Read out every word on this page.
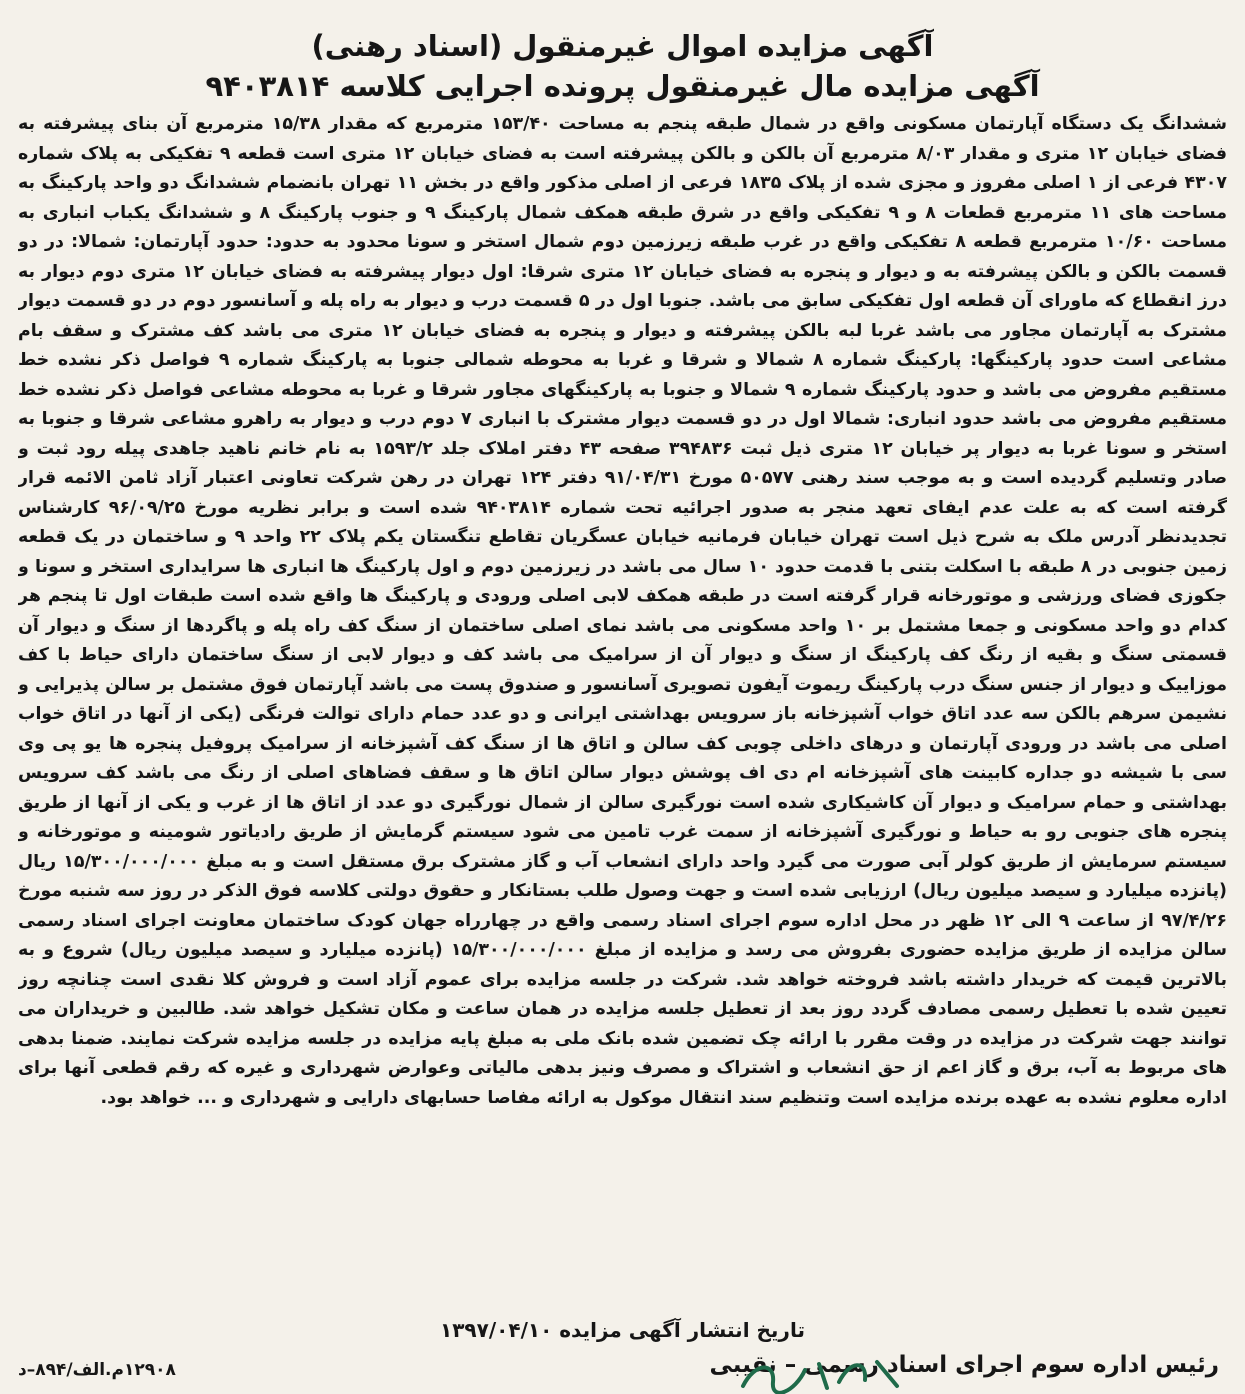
آگهی مزایده اموال غیرمنقول (اسناد رهنی)
آگهی مزایده مال غیرمنقول پرونده اجرایی کلاسه ۹۴۰۳۸۱۴

ششدانگ یک دستگاه آپارتمان مسکونی واقع در شمال طبقه پنجم به مساحت ۱۵۳/۴۰ مترمربع که مقدار ۱۵/۳۸ مترمربع آن بنای پیشرفته به فضای خیابان ۱۲ متری و مقدار ۸/۰۳ مترمربع آن بالکن و بالکن پیشرفته است به فضای خیابان ۱۲ متری است قطعه ۹ تفکیکی به پلاک شماره ۴۳۰۷ فرعی از ۱ اصلی مفروز و مجزی شده از پلاک ۱۸۳۵ فرعی از اصلی مذکور واقع در بخش ۱۱ تهران بانضمام ششدانگ دو واحد پارکینگ به مساحت های ۱۱ مترمربع قطعات ۸ و ۹ تفکیکی واقع در شرق طبقه همکف شمال پارکینگ ۹ و جنوب پارکینگ ۸ و ششدانگ یکباب انباری به مساحت ۱۰/۶۰ مترمربع قطعه ۸ تفکیکی واقع در غرب طبقه زیرزمین دوم شمال استخر و سونا محدود به حدود: حدود آپارتمان: شمالا: در دو قسمت بالکن و بالکن پیشرفته به و دیوار و پنجره به فضای خیابان ۱۲ متری شرقا: اول دیوار پیشرفته به فضای خیابان ۱۲ متری دوم دیوار به درز انقطاع که ماورای آن قطعه اول تفکیکی سابق می باشد. جنوبا اول در ۵ قسمت درب و دیوار به راه پله و آسانسور دوم در دو قسمت دیوار مشترک به آپارتمان مجاور می باشد غربا لبه بالکن پیشرفته و دیوار و پنجره به فضای خیابان ۱۲ متری می باشد کف مشترک و سقف بام مشاعی است حدود پارکینگها: پارکینگ شماره ۸ شمالا و شرقا و غربا به محوطه شمالی جنوبا به پارکینگ شماره ۹ فواصل ذکر نشده خط مستقیم مفروض می باشد و حدود پارکینگ شماره ۹ شمالا و جنوبا به پارکینگهای مجاور شرقا و غربا به محوطه مشاعی فواصل ذکر نشده خط مستقیم مفروض می باشد حدود انباری: شمالا اول در دو قسمت دیوار مشترک با انباری ۷ دوم درب و دیوار به راهرو مشاعی شرقا و جنوبا به استخر و سونا غربا به دیوار پر خیابان ۱۲ متری ذیل ثبت ۳۹۴۸۳۶ صفحه ۴۳ دفتر املاک جلد ۱۵۹۳/۲ به نام خانم ناهید جاهدی پیله رود ثبت و صادر وتسلیم گردیده است و به موجب سند رهنی ۵۰۵۷۷ مورخ ۹۱/۰۴/۳۱ دفتر ۱۲۴ تهران در رهن شرکت تعاونی اعتبار آزاد ثامن الائمه قرار گرفته است که به علت عدم ایفای تعهد منجر به صدور اجرائیه تحت شماره ۹۴۰۳۸۱۴ شده است و برابر نظریه مورخ ۹۶/۰۹/۲۵ کارشناس تجدیدنظر آدرس ملک به شرح ذیل است تهران خیابان فرمانیه خیابان عسگریان تقاطع تنگستان یکم پلاک ۲۲ واحد ۹ و ساختمان در یک قطعه زمین جنوبی در ۸ طبقه با اسکلت بتنی با قدمت حدود ۱۰ سال می باشد در زیرزمین دوم و اول پارکینگ ها انباری ها سرایداری استخر و سونا و جکوزی فضای ورزشی و موتورخانه قرار گرفته است در طبقه همکف لابی اصلی ورودی و پارکینگ ها واقع شده است طبقات اول تا پنجم هر کدام دو واحد مسکونی و جمعا مشتمل بر ۱۰ واحد مسکونی می باشد نمای اصلی ساختمان از سنگ کف راه پله و پاگردها از سنگ و دیوار آن قسمتی سنگ و بقیه از رنگ کف پارکینگ از سنگ و دیوار آن از سرامیک می باشد کف و دیوار لابی از سنگ ساختمان دارای حیاط با کف موزاییک و دیوار از جنس سنگ درب پارکینگ ریموت آیفون تصویری آسانسور و صندوق پست می باشد آپارتمان فوق مشتمل بر سالن پذیرایی و نشیمن سرهم بالکن سه عدد اتاق خواب آشپزخانه باز سرویس بهداشتی ایرانی و دو عدد حمام دارای توالت فرنگی (یکی از آنها در اتاق خواب اصلی می باشد در ورودی آپارتمان و درهای داخلی چوبی کف سالن و اتاق ها از سنگ کف آشپزخانه از سرامیک پروفیل پنجره ها یو پی وی سی با شیشه دو جداره کابینت های آشپزخانه ام دی اف پوشش دیوار سالن اتاق ها و سقف فضاهای اصلی از رنگ می باشد کف سرویس بهداشتی و حمام سرامیک و دیوار آن کاشیکاری شده است نورگیری سالن از شمال نورگیری دو عدد از اتاق ها از غرب و یکی از آنها از طریق پنجره های جنوبی رو به حیاط و نورگیری آشپزخانه از سمت غرب تامین می شود سیستم گرمایش از طریق رادیاتور شومینه و موتورخانه و سیستم سرمایش از طریق کولر آبی صورت می گیرد واحد دارای انشعاب آب و گاز مشترک برق مستقل است و به مبلغ ۱۵/۳۰۰/۰۰۰/۰۰۰ ریال (پانزده میلیارد و سیصد میلیون ریال) ارزیابی شده است و جهت وصول طلب بستانکار و حقوق دولتی کلاسه فوق الذکر در روز سه شنبه مورخ ۹۷/۴/۲۶ از ساعت ۹ الی ۱۲ ظهر در محل اداره سوم اجرای اسناد رسمی واقع در چهارراه جهان کودک ساختمان معاونت اجرای اسناد رسمی سالن مزایده از طریق مزایده حضوری بفروش می رسد و مزایده از مبلغ ۱۵/۳۰۰/۰۰۰/۰۰۰ (پانزده میلیارد و سیصد میلیون ریال) شروع و به بالاترین قیمت که خریدار داشته باشد فروخته خواهد شد. شرکت در جلسه مزایده برای عموم آزاد است و فروش کلا نقدی است چنانچه روز تعیین شده با تعطیل رسمی مصادف گردد روز بعد از تعطیل جلسه مزایده در همان ساعت و مکان تشکیل خواهد شد. طالبین و خریداران می توانند جهت شرکت در مزایده در وقت مقرر با ارائه چک تضمین شده بانک ملی به مبلغ پایه مزایده در جلسه مزایده شرکت نمایند. ضمنا بدهی های مربوط به آب، برق و گاز اعم از حق انشعاب و اشتراک و مصرف ونیز بدهی مالیاتی وعوارض شهرداری و غیره که رقم قطعی آنها برای اداره معلوم نشده به عهده برنده مزایده است وتنظیم سند انتقال موکول به ارائه مفاصا حسابهای دارایی و شهرداری و ... خواهد بود.

تاریخ انتشار آگهی مزایده ۱۳۹۷/۰۴/۱۰
رئیس اداره سوم اجرای اسناد رسمی – نقیبی
۱۲۹۰۸م.الف/۸۹۴–د
